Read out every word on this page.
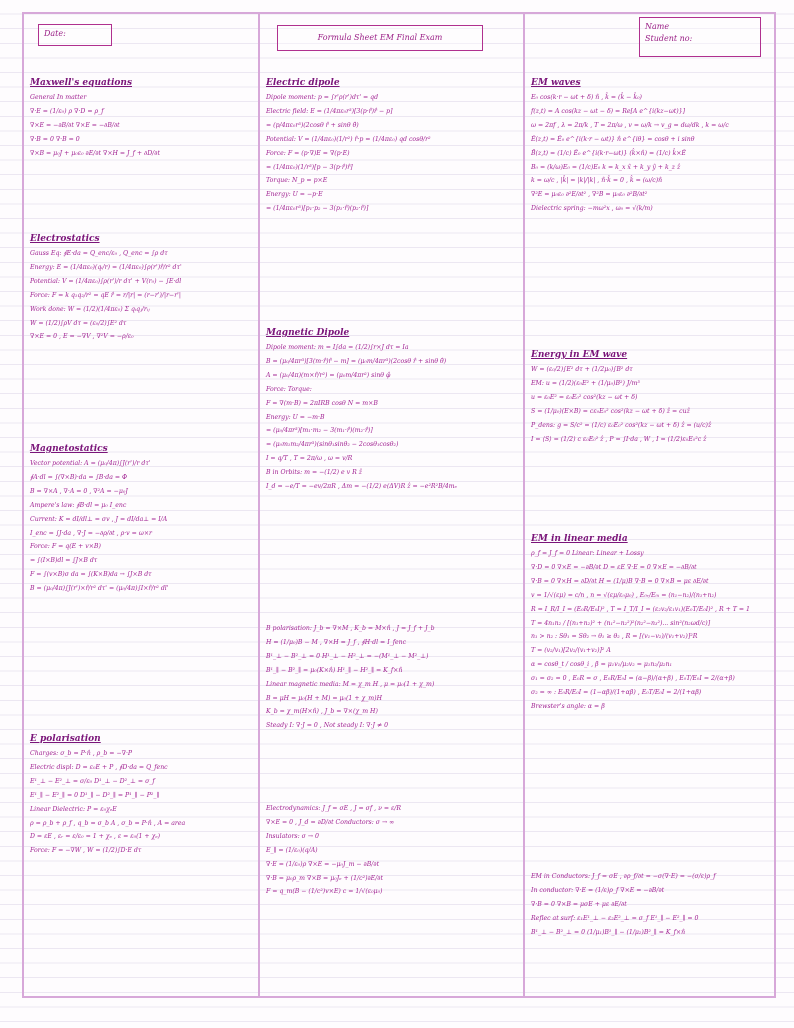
Date:	Formula Sheet EM Final Exam
Name
Student no:
Maxwell's equations
General In matter
∇·E = (1/ε₀) ρ ∇·D = ρ_f
∇×E = −∂B/∂t ∇×E = −∂B/∂t
∇·B = 0 ∇·B = 0
∇×B = μ₀J + μ₀ε₀ ∂E/∂t ∇×H = J_f + ∂D/∂t
Electrostatics
Gauss Eq: ∮E·da = Q_enc/ε₀ , Q_enc = ∫ρ dτ
Energy: E = (1/4πε₀)(qᵢ/r) = (1/4πε₀)∫ρ(r')r̂/r² dτ'
Potential: V = (1/4πε₀)∫ρ(r')/r dτ' + V(r₀) − ∫E·dl
Force: F = k q₁q₂/r² = qE r̂ = r/|r| = (r−r')/|r−r'|
Work done: W = (1/2)(1/4πε₀) Σ qᵢqⱼ/rᵢⱼ
W = (1/2)∫ρV dτ = (ε₀/2)∫E² dτ
∇×E = 0 , E = −∇V , ∇²V = −ρ/ε₀
Magnetostatics
Vector potential: A = (μ₀/4π)∫J(r')/r dτ'
∮A·dl = ∫(∇×B)·da = ∫B·da = Φ
B = ∇×A , ∇·A = 0 , ∇²A = −μ₀J
Ampere's law: ∮B·dl = μ₀ I_enc
Current: K = dI/dl⊥ = σv , J = dI/da⊥ = I/A
I_enc = ∫J·da , ∇·J = −∂ρ/∂t , ρ·v = ω×r
Force: F = q(E + v×B)
= ∫(I×B)dl = ∫J×B dτ
F = ∫(v×B)σ da = ∫(K×B)da → ∫J×B dτ
B = (μ₀/4π)∫J(r')×r̂/r² dτ' = (μ₀/4π)∫I×r̂/r² dl'
E polarisation
Charges: σ_b = P·n̂ , ρ_b = −∇·P
Electric displ: D = ε₀E + P , ∮D·da = Q_fenc
E¹_⊥ − E²_⊥ = σ/ε₀ D¹_⊥ − D²_⊥ = σ_f
E¹_∥ − E²_∥ = 0 D¹_∥ − D²_∥ = P¹_∥ − P²_∥
Linear Dielectric: P = ε₀χₑE
ρ = ρ_b + ρ_f , q_b = σ_b A , σ_b = P·n̂ , A = area
D = εE , εᵣ = ε/ε₀ = 1 + χₑ , ε = ε₀(1 + χₑ)
Force: F = −∇W , W = (1/2)∫D·E dτ
Electric dipole
Dipole moment: p = ∫r'ρ(r')dτ' = qd
Electric field: E = (1/4πε₀r³)[3(p·r̂)r̂ − p]
= (p/4πε₀r³)(2cosθ r̂ + sinθ θ̂)
Potential: V = (1/4πε₀)(1/r²) r̂·p = (1/4πε₀) qd cosθ/r²
Force: F = (p·∇)E = ∇(p·E)
= (1/4πε₀)(1/r³)[p − 3(p·r̂)r̂]
Torque: N_p = p×E
Energy: U = −p·E
= (1/4πε₀r³)[p₁·p₂ − 3(p₁·r̂)(p₂·r̂)]
Magnetic Dipole
Dipole moment: m = I∫da = (1/2)∫r×J dτ = Ia
B = (μ₀/4πr³)[3(m·r̂)r̂ − m] = (μ₀m/4πr³)(2cosθ r̂ + sinθ θ̂)
A = (μ₀/4π)(m×r̂/r²) = (μ₀m/4πr²) sinθ φ̂
Force: Torque:
F = ∇(m·B) = 2πIRB cosθ N = m×B
Energy: U = −m·B
= (μ₀/4πr³)[m₁·m₂ − 3(m₁·r̂)(m₂·r̂)]
= (μ₀m₁m₂/4πr³)(sinθ₁sinθ₂ − 2cosθ₁cosθ₂)
I = q/T , T = 2π/ω , ω = v/R
B in Orbits: m = −(1/2) e v R ẑ
I_d = −e/T = −ev/2πR , Δm = −(1/2) e(ΔV)R ẑ = −e²R²B/4mₑ
B polarisation: J_b = ∇×M , K_b = M×n̂ , J = J_f + J_b
H = (1/μ₀)B − M , ∇×H = J_f , ∮H·dl = I_fenc
B¹_⊥ − B²_⊥ = 0 H¹_⊥ − H²_⊥ = −(M¹_⊥ − M²_⊥)
B¹_∥ − B²_∥ = μ₀(K×n̂) H¹_∥ − H²_∥ = K_f×n̂
Linear magnetic media: M = χ_m H , μ = μ₀(1 + χ_m)
B = μH = μ₀(H + M) = μ₀(1 + χ_m)H
K_b = χ_m(H×n̂) , J_b = ∇×(χ_m H)
Steady I: ∇·J = 0 , Not steady I: ∇·J ≠ 0
Electrodynamics: J_f = σE , J = σf , ν = ε/R
∇×E = 0 , J_d = ∂D/∂t Conductors: σ → ∞
Insulators: σ → 0
E_∥ = (1/ε₀)(q/A)
∇·E = (1/ε₀)ρ ∇×E = −μ₀J_m − ∂B/∂t
∇·B = μ₀ρ_m ∇×B = μ₀Jₑ + (1/c²)∂E/∂t
F = q_m(B − (1/c²)v×E) c = 1/√(ε₀μ₀)
EM waves
E₀ cos(k·r − ωt + δ) n̂ , k̂ = (k̂ − k̂₀)
f(z,t) = A cos(kz − ωt − δ) = Re[A e^{i(kz−ωt)}]
ω = 2πf , λ = 2π/k , T = 2π/ω , v = ω/k → v_g = dω/dk , k = ω/c
Ẽ(z,t) = Ẽ₀ e^{i(k·r − ωt)} n̂ e^{iθ} = cosθ + i sinθ
B̃(z,t) = (1/c) Ẽ₀ e^{i(k·r−ωt)} (k̂×n̂) = (1/c) k̂×Ẽ
B₀ = (k/ω)E₀ = (1/c)E₀ k = k_x x̂ + k_y ŷ + k_z ẑ
k = ω/c , |k̂| = |k|/|k| , n̂·k̂ = 0 , k̂ = (ω/c)n̂
∇²E = μ₀ε₀ ∂²E/∂t² , ∇²B = μ₀ε₀ ∂²B/∂t²
Dielectric spring: −mω²x , ω₀ = √(k/m)
Energy in EM wave
W = (ε₀/2)∫E² dτ + (1/2μ₀)∫B² dτ
EM: u = (1/2)(ε₀E² + (1/μ₀)B²) J/m³
u = ε₀E² = ε₀E₀² cos²(kz − ωt + δ)
S = (1/μ₀)(E×B) = cε₀E₀² cos²(kz − ωt + δ) ẑ = cuẑ
P_dens: g = S/c² = (1/c) ε₀E₀² cos²(kz − ωt + δ) ẑ = (u/c)ẑ
I = ⟨S⟩ = (1/2) c ε₀E₀² ẑ , P = ∫I·da , W , I = (1/2)ε₀E₀²c ẑ
EM in linear media
ρ_f = J_f = 0 Linear: Linear + Lossy
∇·D = 0 ∇×E = −∂B/∂t D = εE ∇·E = 0 ∇×E = −∂B/∂t
∇·B = 0 ∇×H = ∂D/∂t H = (1/μ)B ∇·B = 0 ∇×B = με ∂E/∂t
v = 1/√(εμ) = c/n , n = √(εμ/ε₀μ₀) , E₀ᵣ/E₀ᵢ = (n₁−n₂)/(n₁+n₂)
R = I_R/I_I = (E₀R/E₀I)² , T = I_T/I_I = (ε₂v₂/ε₁v₁)(E₀T/E₀I)² , R + T = 1
T = 4n₁n₂ / [(n₁+n₂)² + (n₁²−n₂²)²(n₂²−n₃²)... sin²(n₂ωd/c)]
n₁ > n₂ : Sθ₁ = Sθ₂ → θ₁ ≥ θ₂ , R = [(v₁−v₂)/(v₁+v₂)]²R
T = (v₂/v₁)[2v₂/(v₁+v₂)]² A
α = cosθ_t / cosθ_i , β = μ₁v₁/μ₂v₂ = μ₁n₂/μ₂n₁
σ₁ = σ₂ = 0 , E₀R = σ , E₀R/E₀I = (α−β)/(α+β) , E₀T/E₀I = 2/(α+β)
σ₂ = ∞ : E₀R/E₀I = (1−αβ)/(1+αβ) , E₀T/E₀I = 2/(1+αβ)
Brewster's angle: α = β
EM in Conductors: J_f = σE , ∂ρ_f/∂t = −σ(∇·E) = −(σ/ε)ρ_f
In conductor: ∇·E = (1/ε)ρ_f ∇×E = −∂B/∂t
∇·B = 0 ∇×B = μσE + με ∂E/∂t
Reflec at surf: ε₁E¹_⊥ − ε₂E²_⊥ = σ_f E¹_∥ − E²_∥ = 0
B¹_⊥ − B²_⊥ = 0 (1/μ₁)B¹_∥ − (1/μ₂)B²_∥ = K_f×n̂
